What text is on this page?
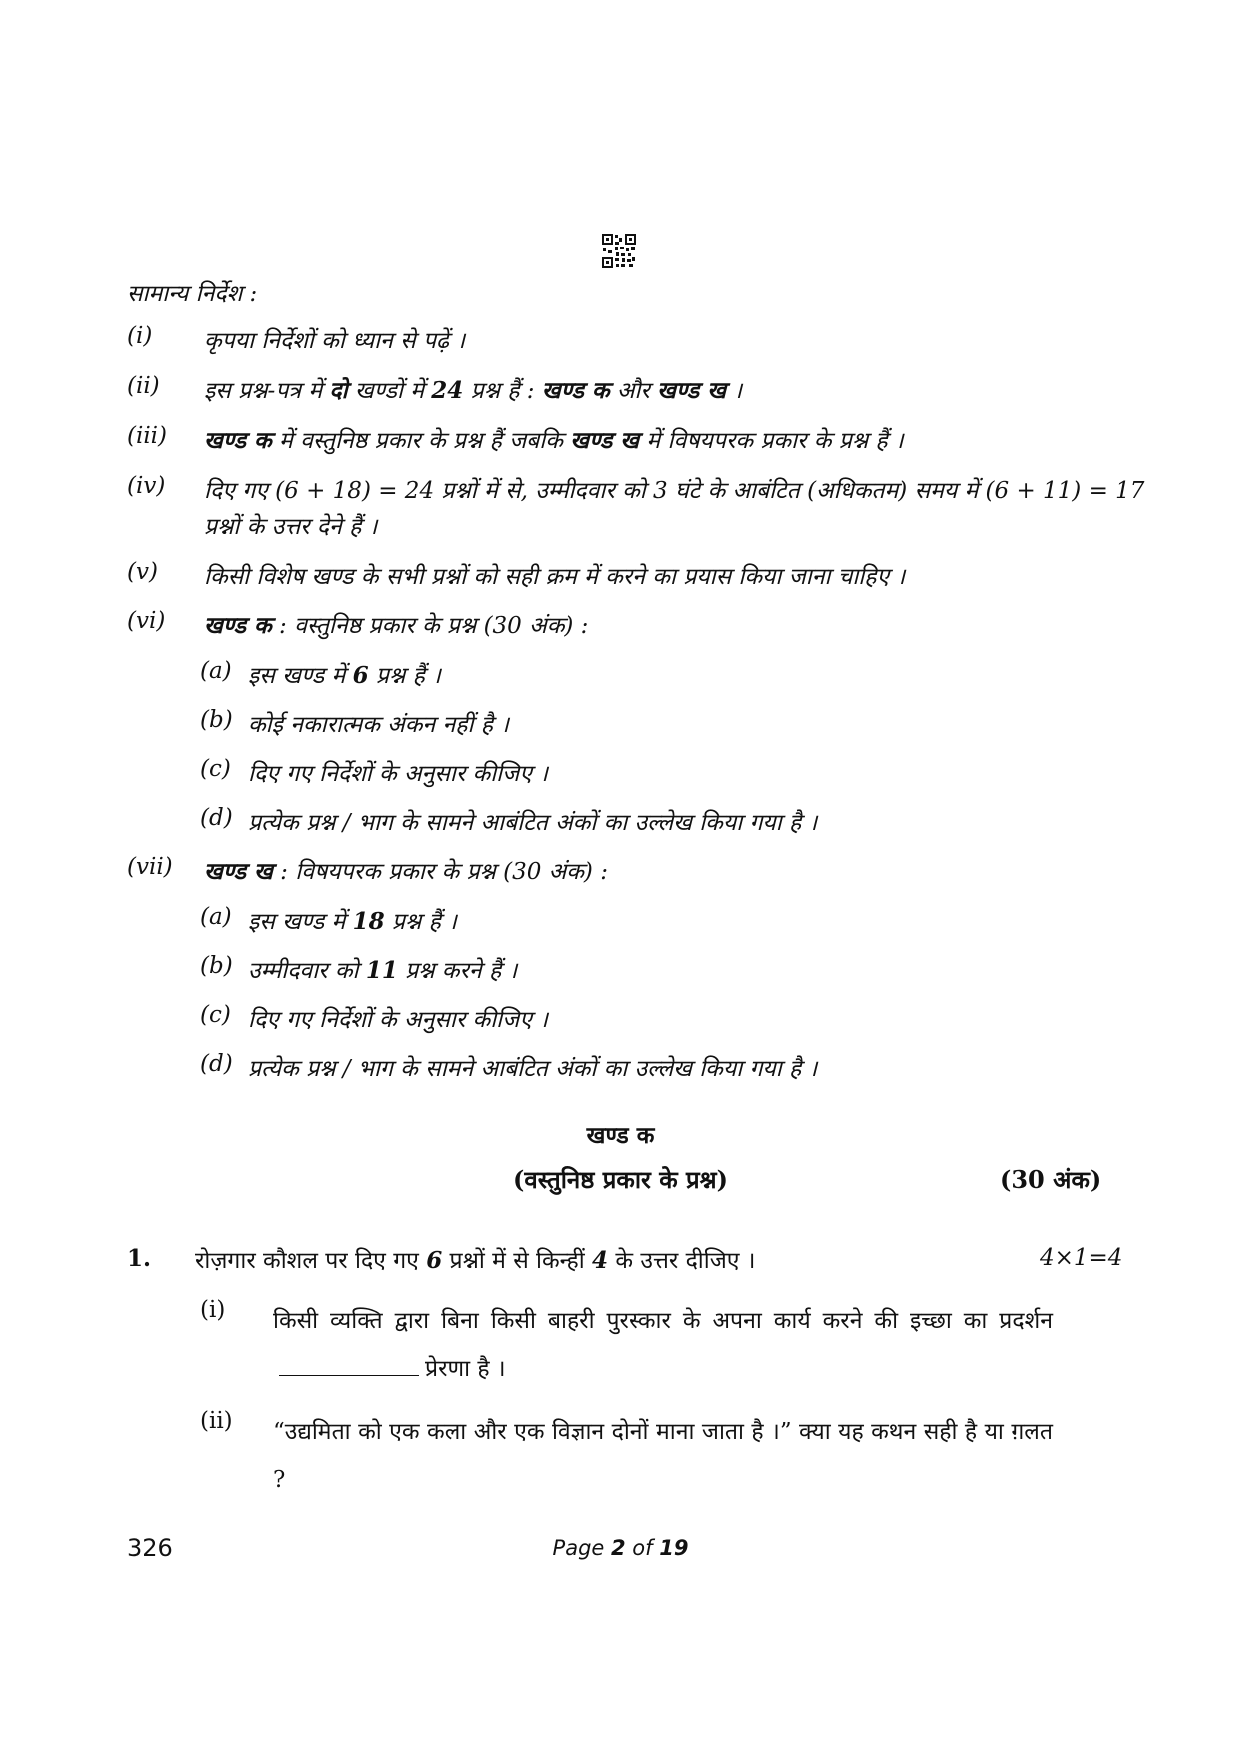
सामान्य निर्देश :
(i)	कृपया निर्देशों को ध्यान से पढ़ें ।
(ii)	इस प्रश्न-पत्र में दो खण्डों में 24 प्रश्न हैं : खण्ड क और खण्ड ख ।
(iii)	खण्ड क में वस्तुनिष्ठ प्रकार के प्रश्न हैं जबकि खण्ड ख में विषयपरक प्रकार के प्रश्न हैं ।
(iv)	दिए गए (6 + 18) = 24 प्रश्नों में से, उम्मीदवार को 3 घंटे के आबंटित (अधिकतम) समय में (6 + 11) = 17 प्रश्नों के उत्तर देने हैं ।
(v)	किसी विशेष खण्ड के सभी प्रश्नों को सही क्रम में करने का प्रयास किया जाना चाहिए ।
(vi)	खण्ड क : वस्तुनिष्ठ प्रकार के प्रश्न (30 अंक) :
(a) इस खण्ड में 6 प्रश्न हैं ।
(b) कोई नकारात्मक अंकन नहीं है ।
(c) दिए गए निर्देशों के अनुसार कीजिए ।
(d) प्रत्येक प्रश्न / भाग के सामने आबंटित अंकों का उल्लेख किया गया है ।
(vii)	खण्ड ख : विषयपरक प्रकार के प्रश्न (30 अंक) :
(a) इस खण्ड में 18 प्रश्न हैं ।
(b) उम्मीदवार को 11 प्रश्न करने हैं ।
(c) दिए गए निर्देशों के अनुसार कीजिए ।
(d) प्रत्येक प्रश्न / भाग के सामने आबंटित अंकों का उल्लेख किया गया है ।
खण्ड क
(वस्तुनिष्ठ प्रकार के प्रश्न)	(30 अंक)
1. रोज़गार कौशल पर दिए गए 6 प्रश्नों में से किन्हीं 4 के उत्तर दीजिए ।	4×1=4
(i)	किसी व्यक्ति द्वारा बिना किसी बाहरी पुरस्कार के अपना कार्य करने की इच्छा का प्रदर्शनप्रेरणा है ।
(ii)	“उद्यमिता को एक कला और एक विज्ञान दोनों माना जाता है ।” क्या यह कथन सही है या ग़लत ?
326	Page 2 of 19
